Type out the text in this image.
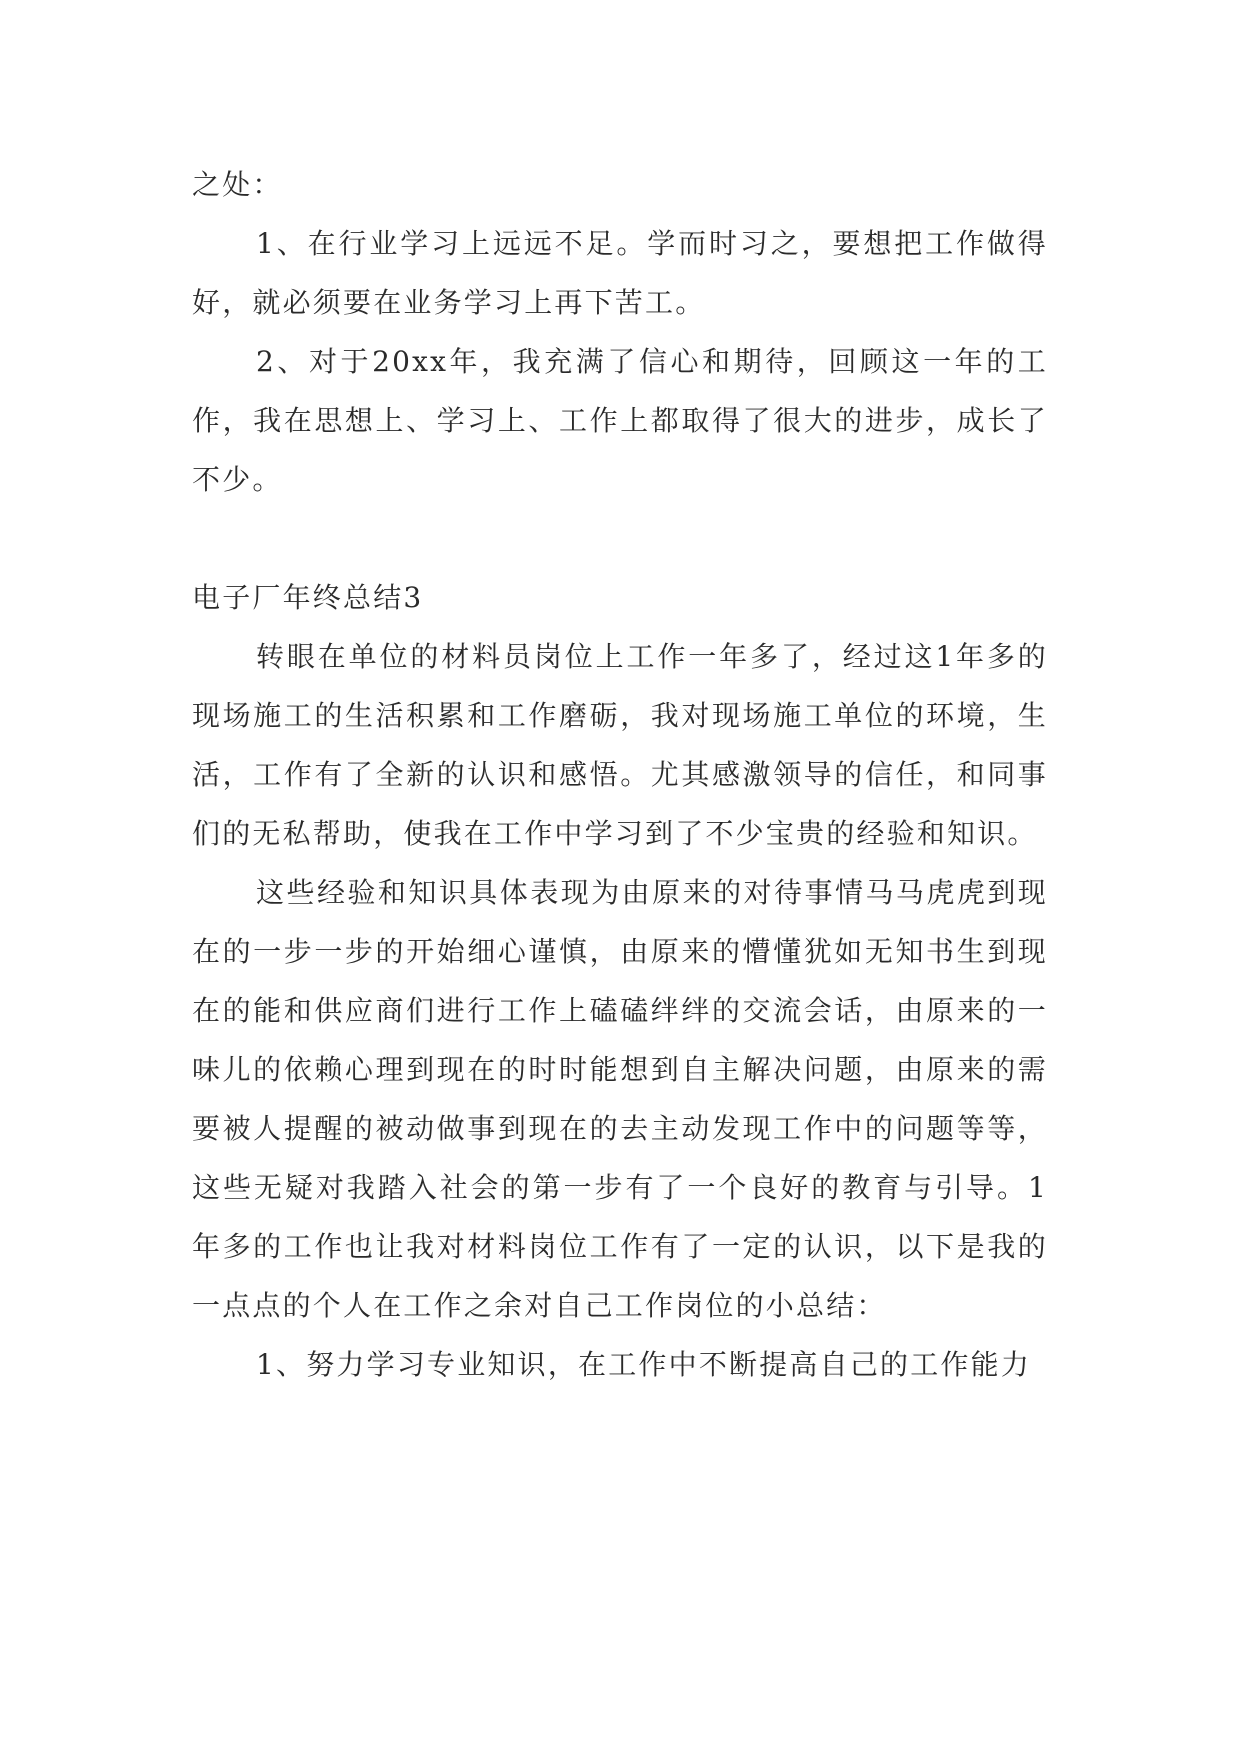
之处：

1、在行业学习上远远不足。学而时习之，要想把工作做得好，就必须要在业务学习上再下苦工。

2、对于20xx年，我充满了信心和期待，回顾这一年的工作，我在思想上、学习上、工作上都取得了很大的进步，成长了不少。

电子厂年终总结3

转眼在单位的材料员岗位上工作一年多了，经过这1年多的现场施工的生活积累和工作磨砺，我对现场施工单位的环境，生活，工作有了全新的认识和感悟。尤其感激领导的信任，和同事们的无私帮助，使我在工作中学习到了不少宝贵的经验和知识。

这些经验和知识具体表现为由原来的对待事情马马虎虎到现在的一步一步的开始细心谨慎，由原来的懵懂犹如无知书生到现在的能和供应商们进行工作上磕磕绊绊的交流会话，由原来的一味儿的依赖心理到现在的时时能想到自主解决问题，由原来的需要被人提醒的被动做事到现在的去主动发现工作中的问题等等，这些无疑对我踏入社会的第一步有了一个良好的教育与引导。1年多的工作也让我对材料岗位工作有了一定的认识，以下是我的一点点的个人在工作之余对自己工作岗位的小总结：

1、努力学习专业知识，在工作中不断提高自己的工作能力
